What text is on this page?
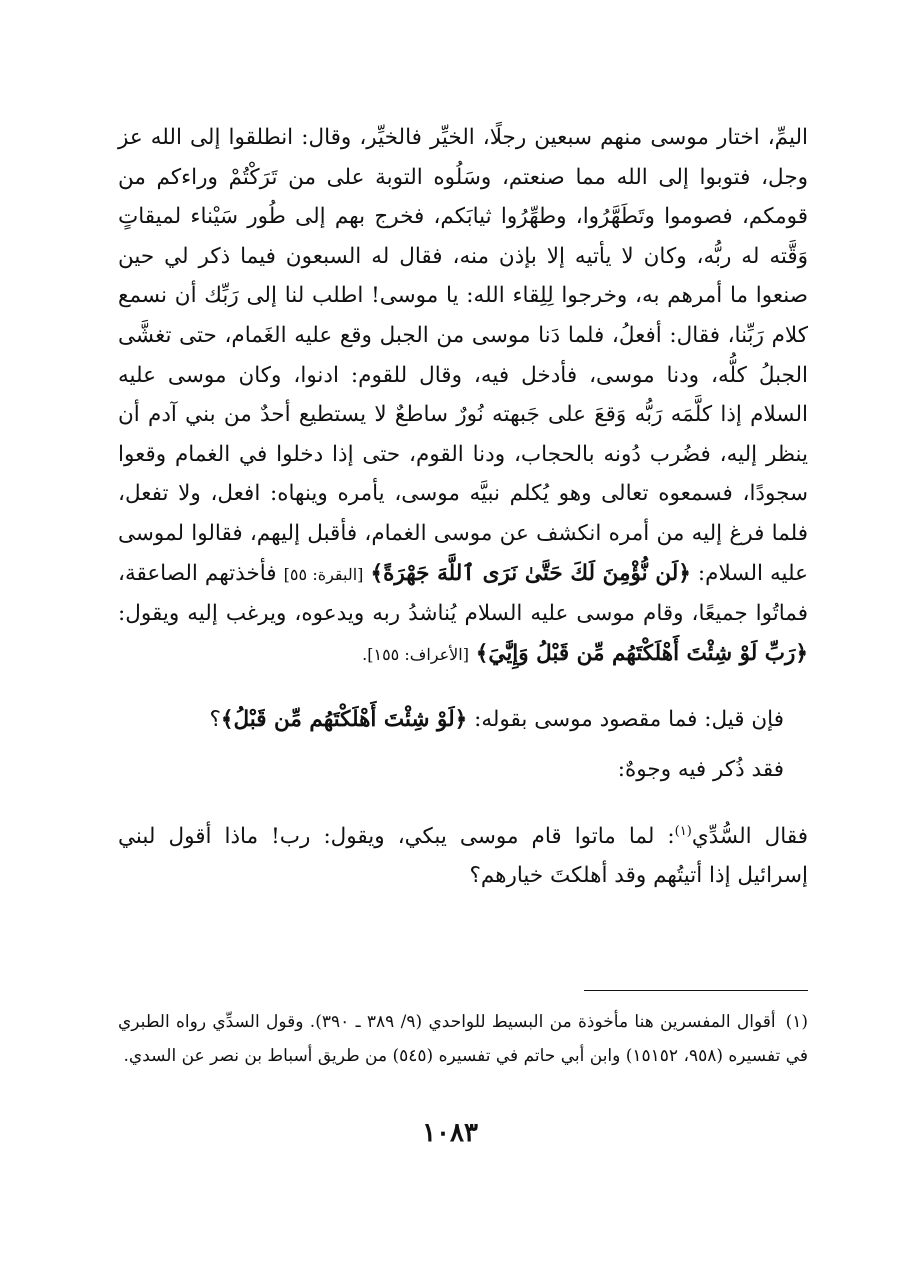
اليمِّ، اختار موسى منهم سبعين رجلًا، الخيِّر فالخيِّر، وقال: انطلقوا إلى الله عز وجل، فتوبوا إلى الله مما صنعتم، وسَلُوه التوبة على من تَرَكْتُمْ وراءكم من قومكم، فصوموا وتَطَهَّرُوا، وطهِّرُوا ثيابَكم، فخرج بهم إلى طُور سَيْناء لميقاتٍ وَقَّته له ربُّه، وكان لا يأتيه إلا بإذن منه، فقال له السبعون فيما ذكر لي حين صنعوا ما أمرهم به، وخرجوا لِلِقاء الله: يا موسى! اطلب لنا إلى رَبِّك أن نسمع كلام رَبِّنا، فقال: أفعلُ، فلما دَنا موسى من الجبل وقع عليه الغَمام، حتى تغشَّى الجبلُ كلُّه، ودنا موسى، فأدخل فيه، وقال للقوم: ادنوا، وكان موسى عليه السلام إذا كلَّمَه رَبُّه وَقعَ على جَبهته نُورٌ ساطعٌ لا يستطيع أحدٌ من بني آدم أن ينظر إليه، فضُرب دُونه بالحجاب، ودنا القوم، حتى إذا دخلوا في الغمام وقعوا سجودًا، فسمعوه تعالى وهو يُكلم نبيَّه موسى، يأمره وينهاه: افعل، ولا تفعل، فلما فرغ إليه من أمره انكشف عن موسى الغمام، فأقبل إليهم، فقالوا لموسى عليه السلام: ﴿لَن نُّؤْمِنَ لَكَ حَتَّىٰ نَرَى ٱللَّهَ جَهْرَةً﴾ [البقرة: ٥٥] فأخذتهم الصاعقة، فماتُوا جميعًا، وقام موسى عليه السلام يُناشدُ ربه ويدعوه، ويرغب إليه ويقول: ﴿رَبِّ لَوْ شِئْتَ أَهْلَكْتَهُم مِّن قَبْلُ وَإِيَّٰيَ﴾ [الأعراف: ١٥٥].

فإن قيل: فما مقصود موسى بقوله: ﴿لَوْ شِئْتَ أَهْلَكْتَهُم مِّن قَبْلُ﴾؟

فقد ذُكر فيه وجوهٌ:

فقال السُّدِّي$^{(١)}$: لما ماتوا قام موسى يبكي، ويقول: رب! ماذا أقول لبني إسرائيل إذا أتيتُهم وقد أهلكتَ خيارهم؟

(١)أقوال المفسرين هنا مأخوذة من البسيط للواحدي (٩/ ٣٨٩ ـ ٣٩٠). وقول السدِّي رواه الطبري في تفسيره (٩٥٨، ١٥١٥٢) وابن أبي حاتم في تفسيره (٥٤٥) من طريق أسباط بن نصر عن السدي.
١٠٨٣
